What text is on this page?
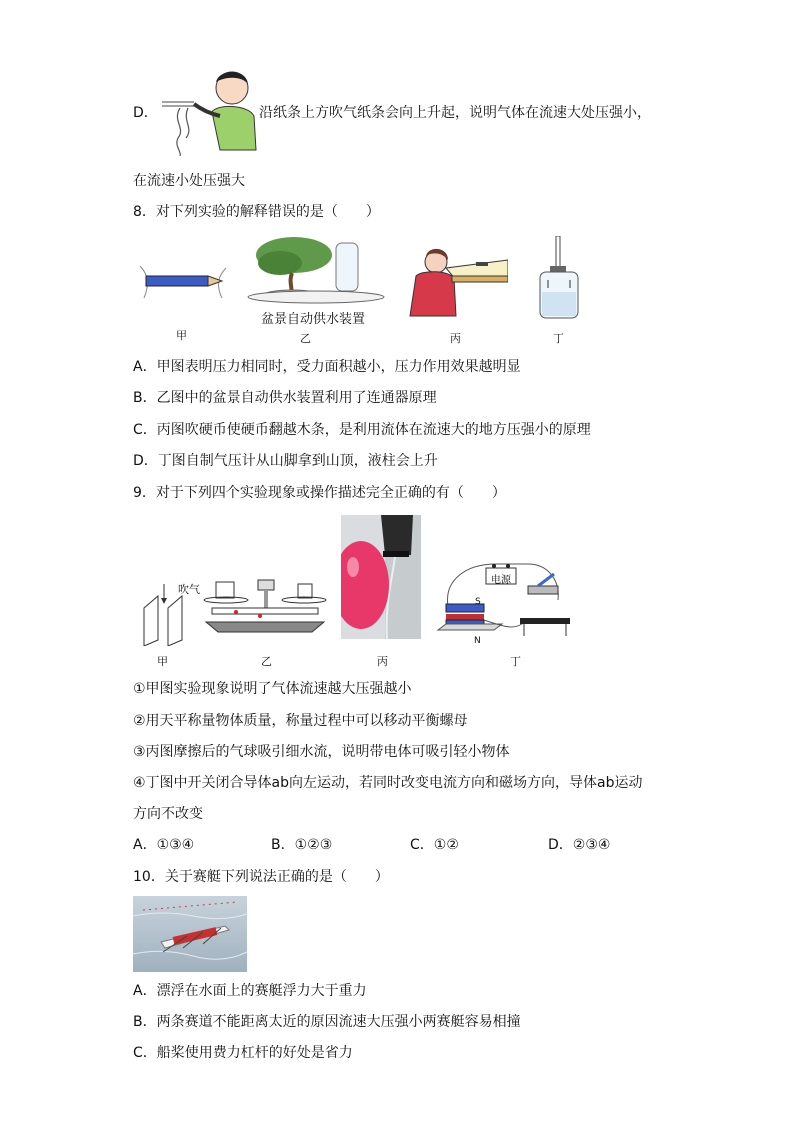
D．	沿纸条上方吹气纸条会向上升起，说明气体在流速大处压强小，
在流速小处压强大
8．对下列实验的解释错误的是（　　）
甲
盆景自动供水装置
乙	丙	丁
A．甲图表明压力相同时，受力面积越小，压力作用效果越明显
B．乙图中的盆景自动供水装置利用了连通器原理
C．丙图吹硬币使硬币翻越木条，是利用流体在流速大的地方压强小的原理
D．丁图自制气压计从山脚拿到山顶，液柱会上升
9．对于下列四个实验现象或操作描述完全正确的有（　　）
吹气
甲	乙	丙
电源
S
N
丁
①甲图实验现象说明了气体流速越大压强越小
②用天平称量物体质量，称量过程中可以移动平衡螺母
③丙图摩擦后的气球吸引细水流，说明带电体可吸引轻小物体
④丁图中开关闭合导体ab向左运动，若同时改变电流方向和磁场方向，导体ab运动
方向不改变
A．①③④	B．①②③	C．①②	D．②③④
10．关于赛艇下列说法正确的是（　　）
A．漂浮在水面上的赛艇浮力大于重力
B．两条赛道不能距离太近的原因流速大压强小两赛艇容易相撞
C．船桨使用费力杠杆的好处是省力
